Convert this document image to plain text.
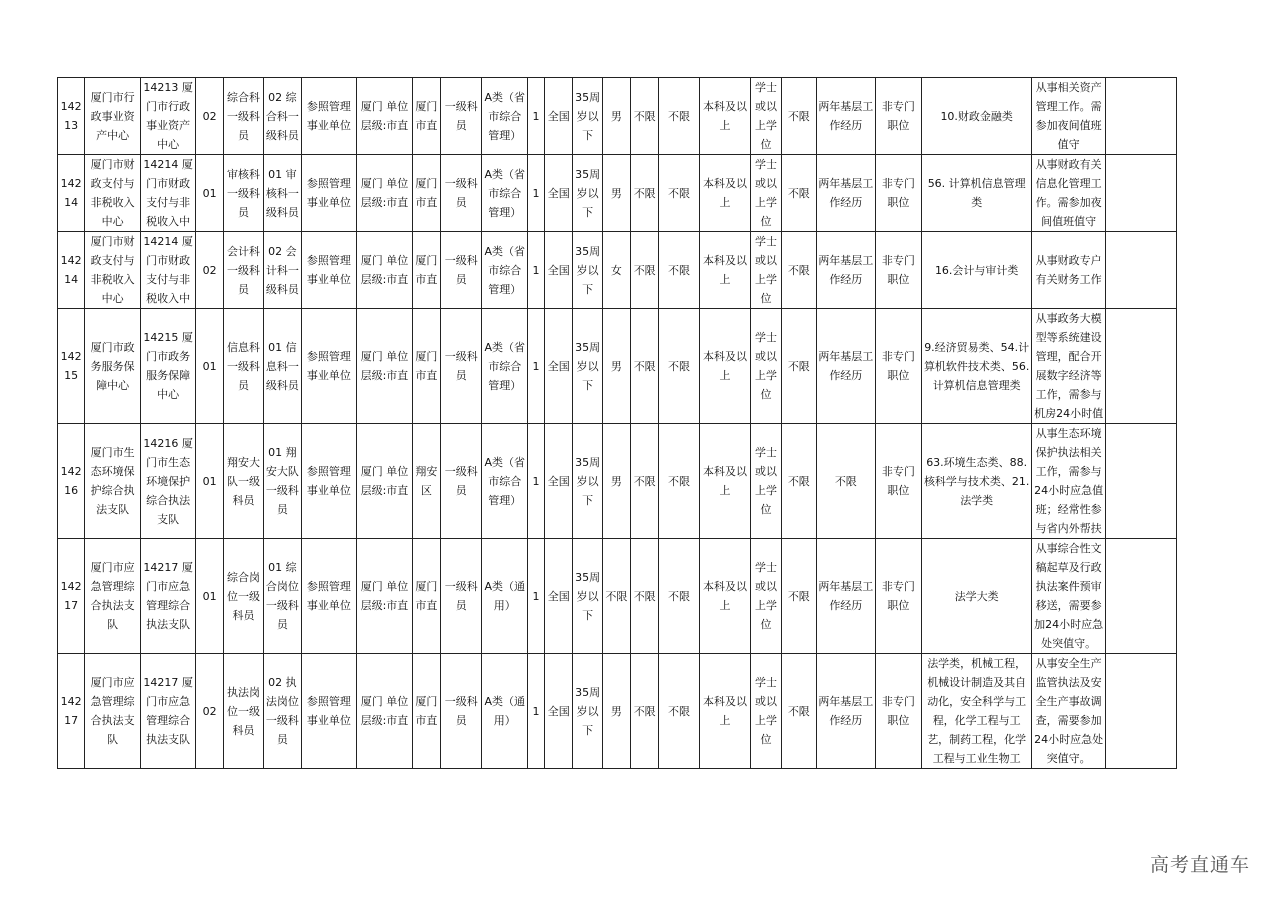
14213	厦门市行政事业资产中心	14213 厦门市行政事业资产中心	02	综合科一级科员	02 综合科一级科员	参照管理事业单位	厦门 单位层级:市直	厦门市直	一级科员	A类（省市综合管理）	1	全国	35周岁以下	男	不限	不限	本科及以上	学士或以上学位	不限	两年基层工作经历	非专门职位	10.财政金融类	从事相关资产管理工作。需参加夜间值班值守	
14214	厦门市财政支付与非税收入中心	14214 厦门市财政支付与非税收入中	01	审核科一级科员	01 审核科一级科员	参照管理事业单位	厦门 单位层级:市直	厦门市直	一级科员	A类（省市综合管理）	1	全国	35周岁以下	男	不限	不限	本科及以上	学士或以上学位	不限	两年基层工作经历	非专门职位	56. 计算机信息管理类	从事财政有关信息化管理工作。需参加夜间值班值守	
14214	厦门市财政支付与非税收入中心	14214 厦门市财政支付与非税收入中	02	会计科一级科员	02 会计科一级科员	参照管理事业单位	厦门 单位层级:市直	厦门市直	一级科员	A类（省市综合管理）	1	全国	35周岁以下	女	不限	不限	本科及以上	学士或以上学位	不限	两年基层工作经历	非专门职位	16.会计与审计类	从事财政专户有关财务工作	
14215	厦门市政务服务保障中心	14215 厦门市政务服务保障中心	01	信息科一级科员	01 信息科一级科员	参照管理事业单位	厦门 单位层级:市直	厦门市直	一级科员	A类（省市综合管理）	1	全国	35周岁以下	男	不限	不限	本科及以上	学士或以上学位	不限	两年基层工作经历	非专门职位	9.经济贸易类、54.计算机软件技术类、56. 计算机信息管理类	从事政务大模型等系统建设管理，配合开展数字经济等工作，需参与机房24小时值	
14216	厦门市生态环境保护综合执法支队	14216 厦门市生态环境保护综合执法支队	01	翔安大队一级科员	01 翔安大队一级科员	参照管理事业单位	厦门 单位层级:市直	翔安区	一级科员	A类（省市综合管理）	1	全国	35周岁以下	男	不限	不限	本科及以上	学士或以上学位	不限	不限	非专门职位	63.环境生态类、88.核科学与技术类、21.法学类	从事生态环境保护执法相关工作，需参与24小时应急值班；经常性参与省内外帮扶	
14217	厦门市应急管理综合执法支队	14217 厦门市应急管理综合执法支队	01	综合岗位一级科员	01 综合岗位一级科员	参照管理事业单位	厦门 单位层级:市直	厦门市直	一级科员	A类（通用）	1	全国	35周岁以下	不限	不限	不限	本科及以上	学士或以上学位	不限	两年基层工作经历	非专门职位	法学大类	从事综合性文稿起草及行政执法案件预审移送，需要参加24小时应急处突值守。	
14217	厦门市应急管理综合执法支队	14217 厦门市应急管理综合执法支队	02	执法岗位一级科员	02 执法岗位一级科员	参照管理事业单位	厦门 单位层级:市直	厦门市直	一级科员	A类（通用）	1	全国	35周岁以下	男	不限	不限	本科及以上	学士或以上学位	不限	两年基层工作经历	非专门职位	法学类，机械工程，机械设计制造及其自动化，安全科学与工程，化学工程与工艺，制药工程，化学工程与工业生物工	从事安全生产监管执法及安全生产事故调查，需要参加24小时应急处突值守。	
高考直通车
